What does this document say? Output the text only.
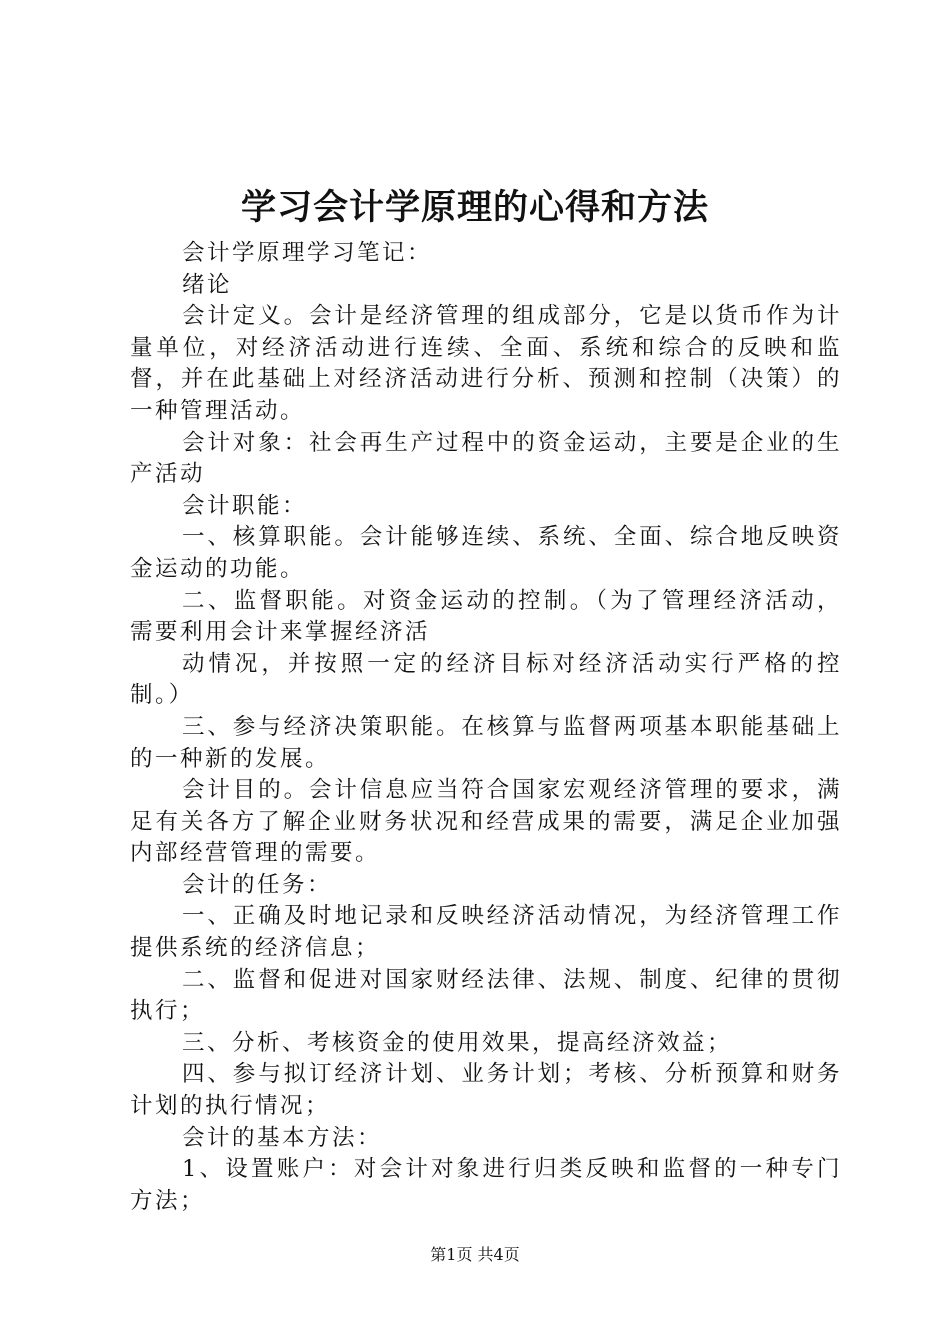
学习会计学原理的心得和方法

会计学原理学习笔记：

绪论

会计定义。会计是经济管理的组成部分，它是以货币作为计量单位，对经济活动进行连续、全面、系统和综合的反映和监督，并在此基础上对经济活动进行分析、预测和控制（决策）的一种管理活动。

会计对象：社会再生产过程中的资金运动，主要是企业的生产活动

会计职能：

一、核算职能。会计能够连续、系统、全面、综合地反映资金运动的功能。

二、监督职能。对资金运动的控制。（为了管理经济活动，需要利用会计来掌握经济活

动情况，并按照一定的经济目标对经济活动实行严格的控制。）

三、参与经济决策职能。在核算与监督两项基本职能基础上的一种新的发展。

会计目的。会计信息应当符合国家宏观经济管理的要求，满足有关各方了解企业财务状况和经营成果的需要，满足企业加强内部经营管理的需要。

会计的任务：

一、正确及时地记录和反映经济活动情况，为经济管理工作提供系统的经济信息；

二、监督和促进对国家财经法律、法规、制度、纪律的贯彻执行；

三、分析、考核资金的使用效果，提高经济效益；

四、参与拟订经济计划、业务计划；考核、分析预算和财务计划的执行情况；

会计的基本方法：

1、设置账户：对会计对象进行归类反映和监督的一种专门方法；

第1页 共4页
